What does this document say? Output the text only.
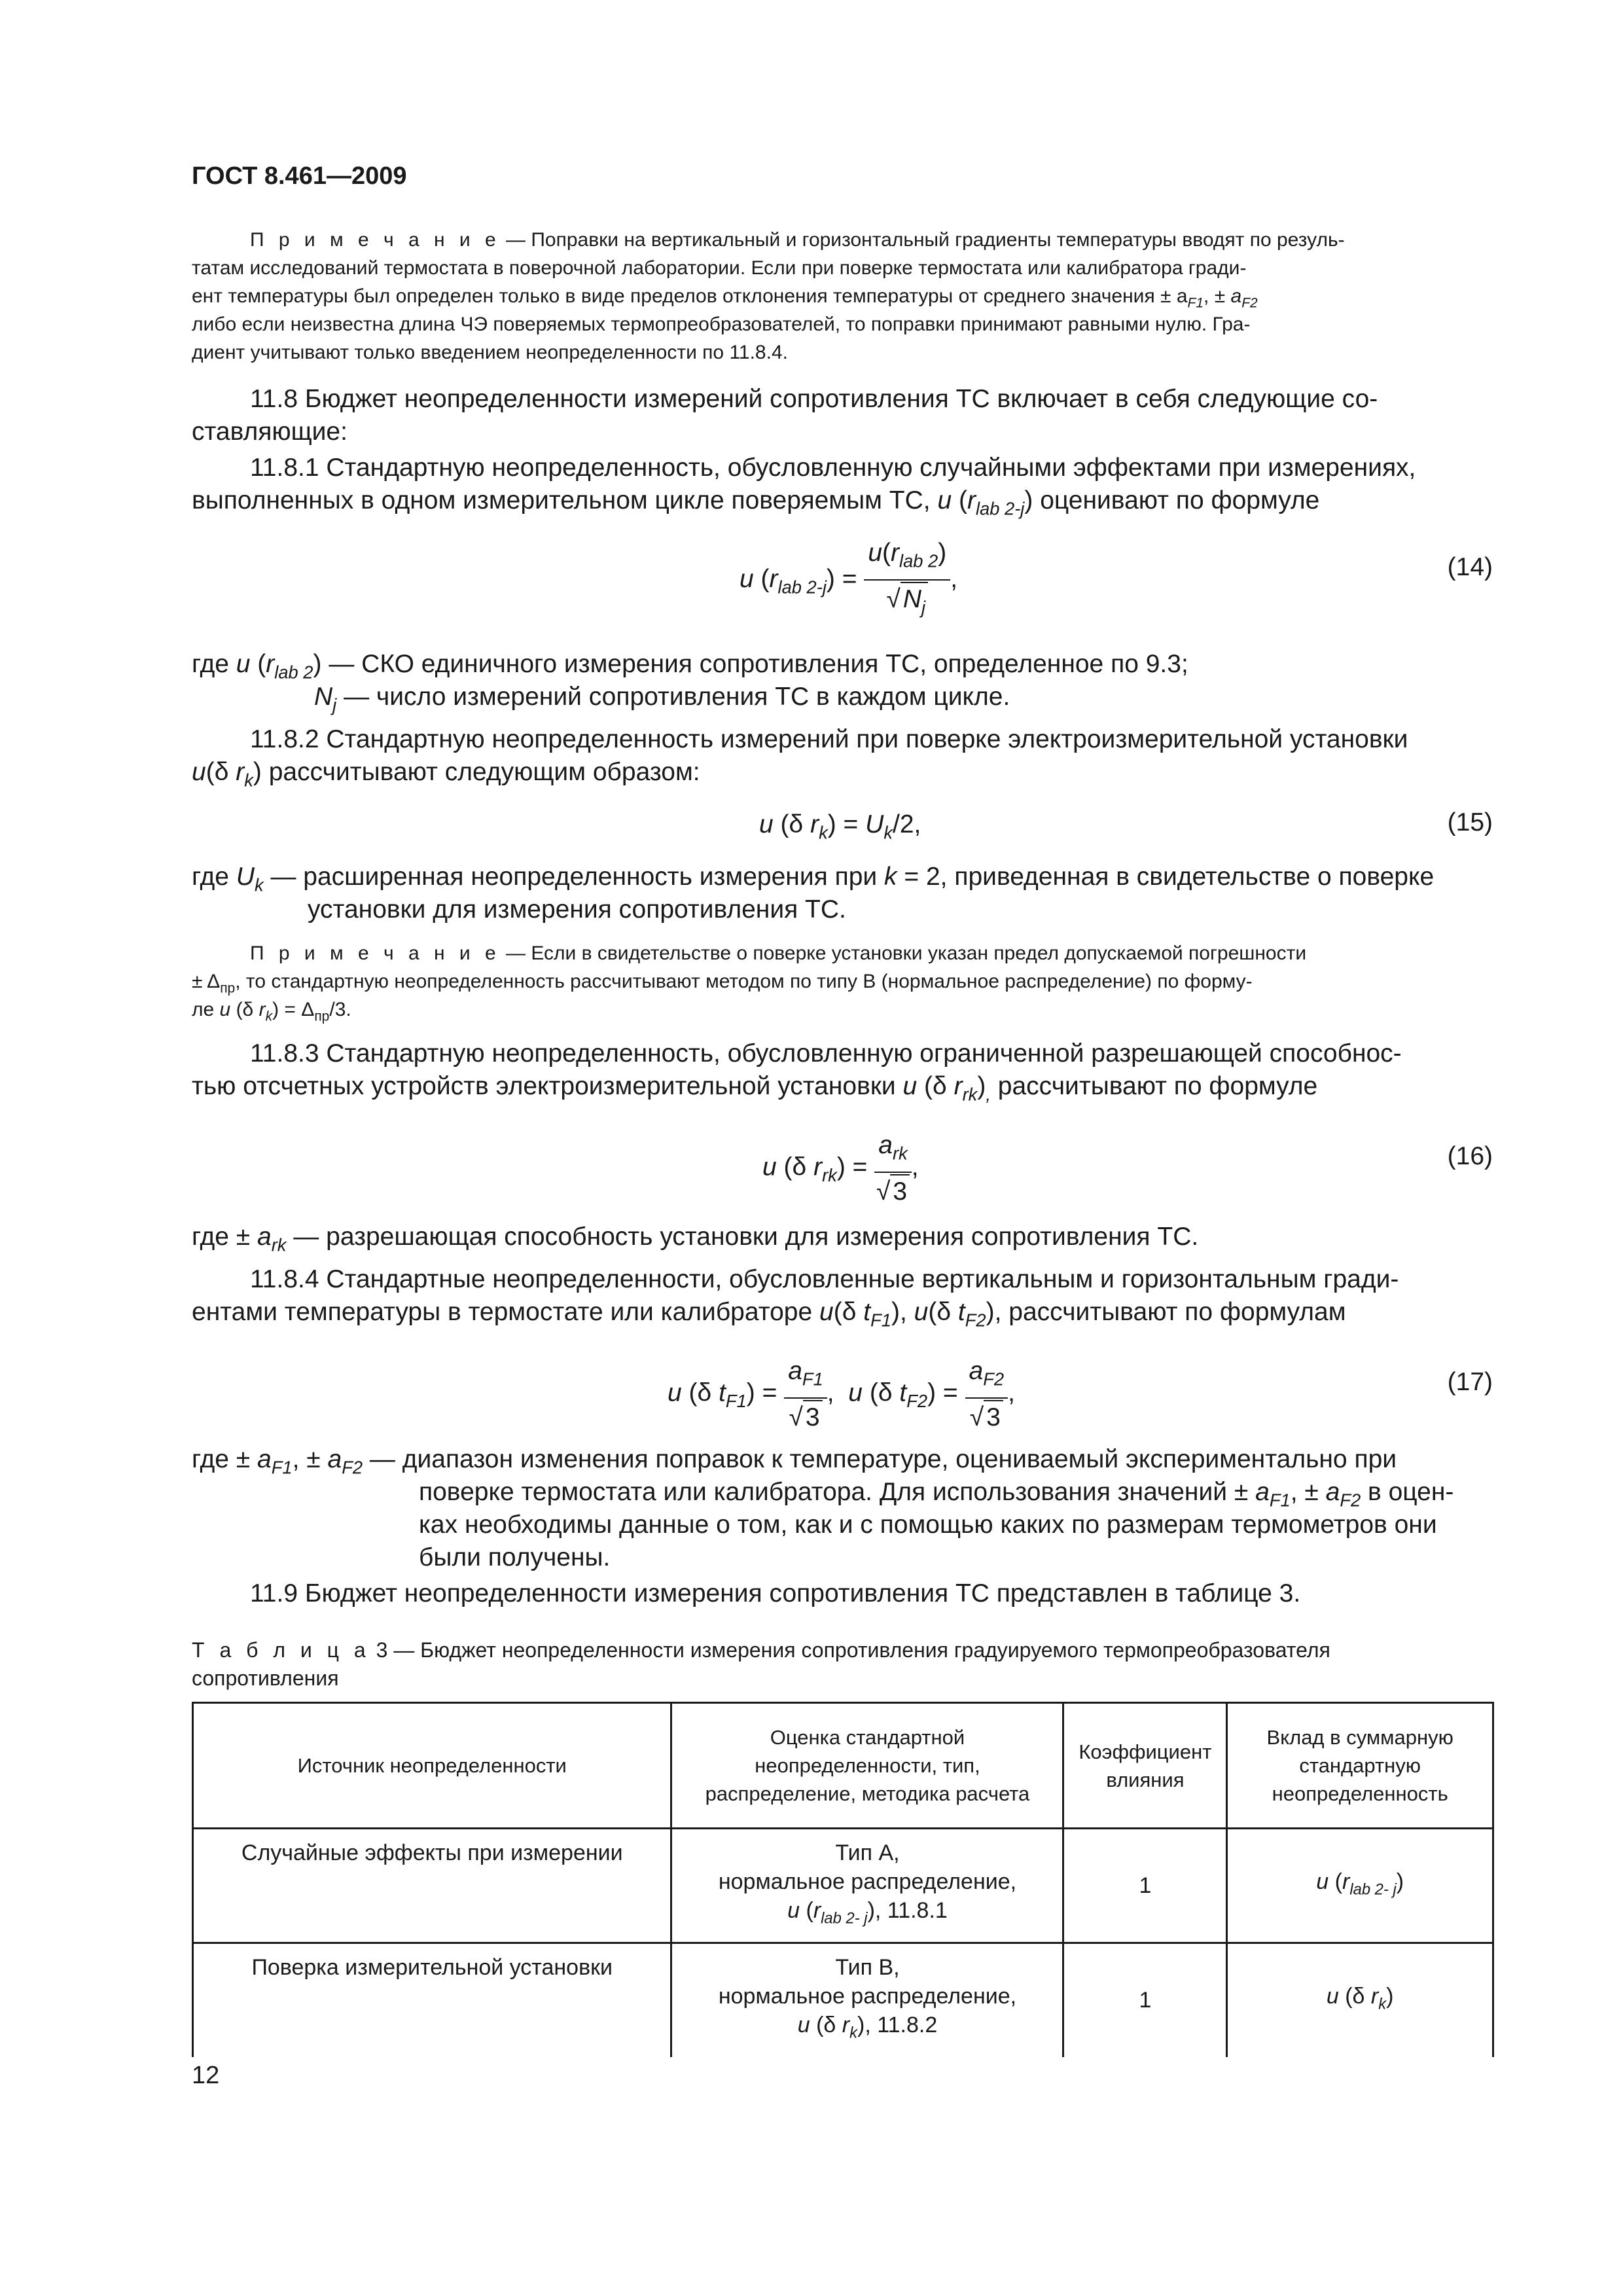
ГОСТ 8.461—2009
П р и м е ч а н и е — Поправки на вертикальный и горизонтальный градиенты температуры вводят по резуль-
татам исследований термостата в поверочной лаборатории. Если при поверке термостата или калибратора гради-
ент температуры был определен только в виде пределов отклонения температуры от среднего значения ± $a_{F1}$, ± $a_{F2}$
либо если неизвестна длина ЧЭ поверяемых термопреобразователей, то поправки принимают равными нулю. Гра-
диент учитывают только введением неопределенности по 11.8.4.
11.8 Бюджет неопределенности измерений сопротивления ТС включает в себя следующие со-
ставляющие:
11.8.1 Стандартную неопределенность, обусловленную случайными эффектами при измерениях,
выполненных в одном измерительном цикле поверяемым ТС, u $(r_{lab 2-j})$ оценивают по формуле
u $(r_{lab 2-j}) = \frac{u(r_{lab 2})}{√ N_j}$ ,	(14)
где u $(r_{lab 2})$ — СКО единичного измерения сопротивления ТС, определенное по 9.3;
$N_j$ — число измерений сопротивления ТС в каждом цикле.
11.8.2 Стандартную неопределенность измерений при поверке электроизмерительной установки
u(δ $r_k$) рассчитывают следующим образом:
u (δ $r_k) = U_k/2$,	(15)
где $U_k$ — расширенная неопределенность измерения при k = 2, приведенная в свидетельстве о поверке
установки для измерения сопротивления ТС.
П р и м е ч а н и е — Если в свидетельстве о поверке установки указан предел допускаемой погрешности
± $\Delta_{пр}$, то стандартную неопределенность рассчитывают методом по типу В (нормальное распределение) по форму-
ле u (δ $r_k) = \Delta_{пр}/3$.
11.8.3 Стандартную неопределенность, обусловленную ограниченной разрешающей способнос-
тью отсчетных устройств электроизмерительной установки u (δ $r_{rk})_,$ рассчитывают по формуле
u (δ $r_{rk}) = \frac{a_{rk}}{√ 3}$ ,	(16)
где ± $a_{rk}$ — разрешающая способность установки для измерения сопротивления ТС.
11.8.4 Стандартные неопределенности, обусловленные вертикальным и горизонтальным гради-
ентами температуры в термостате или калибраторе u(δ $t_{F1}$), u(δ $t_{F2}$), рассчитывают по формулам
u (δ $t_{F1}) = \frac{a_{F1}}{√ 3}$ ,  u (δ $t_{F2}) = \frac{a_{F2}}{√ 3}$ ,	(17)
где ± $a_{F1}$, ± $a_{F2}$ — диапазон изменения поправок к температуре, оцениваемый экспериментально при
поверке термостата или калибратора. Для использования значений ± $a_{F1}$, ± $a_{F2}$ в оцен-
ках необходимы данные о том, как и с помощью каких по размерам термометров они
были получены.
11.9 Бюджет неопределенности измерения сопротивления ТС представлен в таблице 3.
Т а б л и ц а 3 — Бюджет неопределенности измерения сопротивления градуируемого термопреобразователя
сопротивления
Источник неопределенности	Оценка стандартной неопределенности, тип, распределение, методика расчета	Коэффициент влияния	Вклад в суммарную стандартную неопределенность
Случайные эффекты при измерении	Тип А,
нормальное распределение,
u $(r_{lab 2- j})$, 11.8.1	1	u $(r_{lab 2- j})$
Поверка измерительной установки	Тип В,
нормальное распределение,
u (δ $r_k$), 11.8.2	1	u (δ $r_k$)
12
